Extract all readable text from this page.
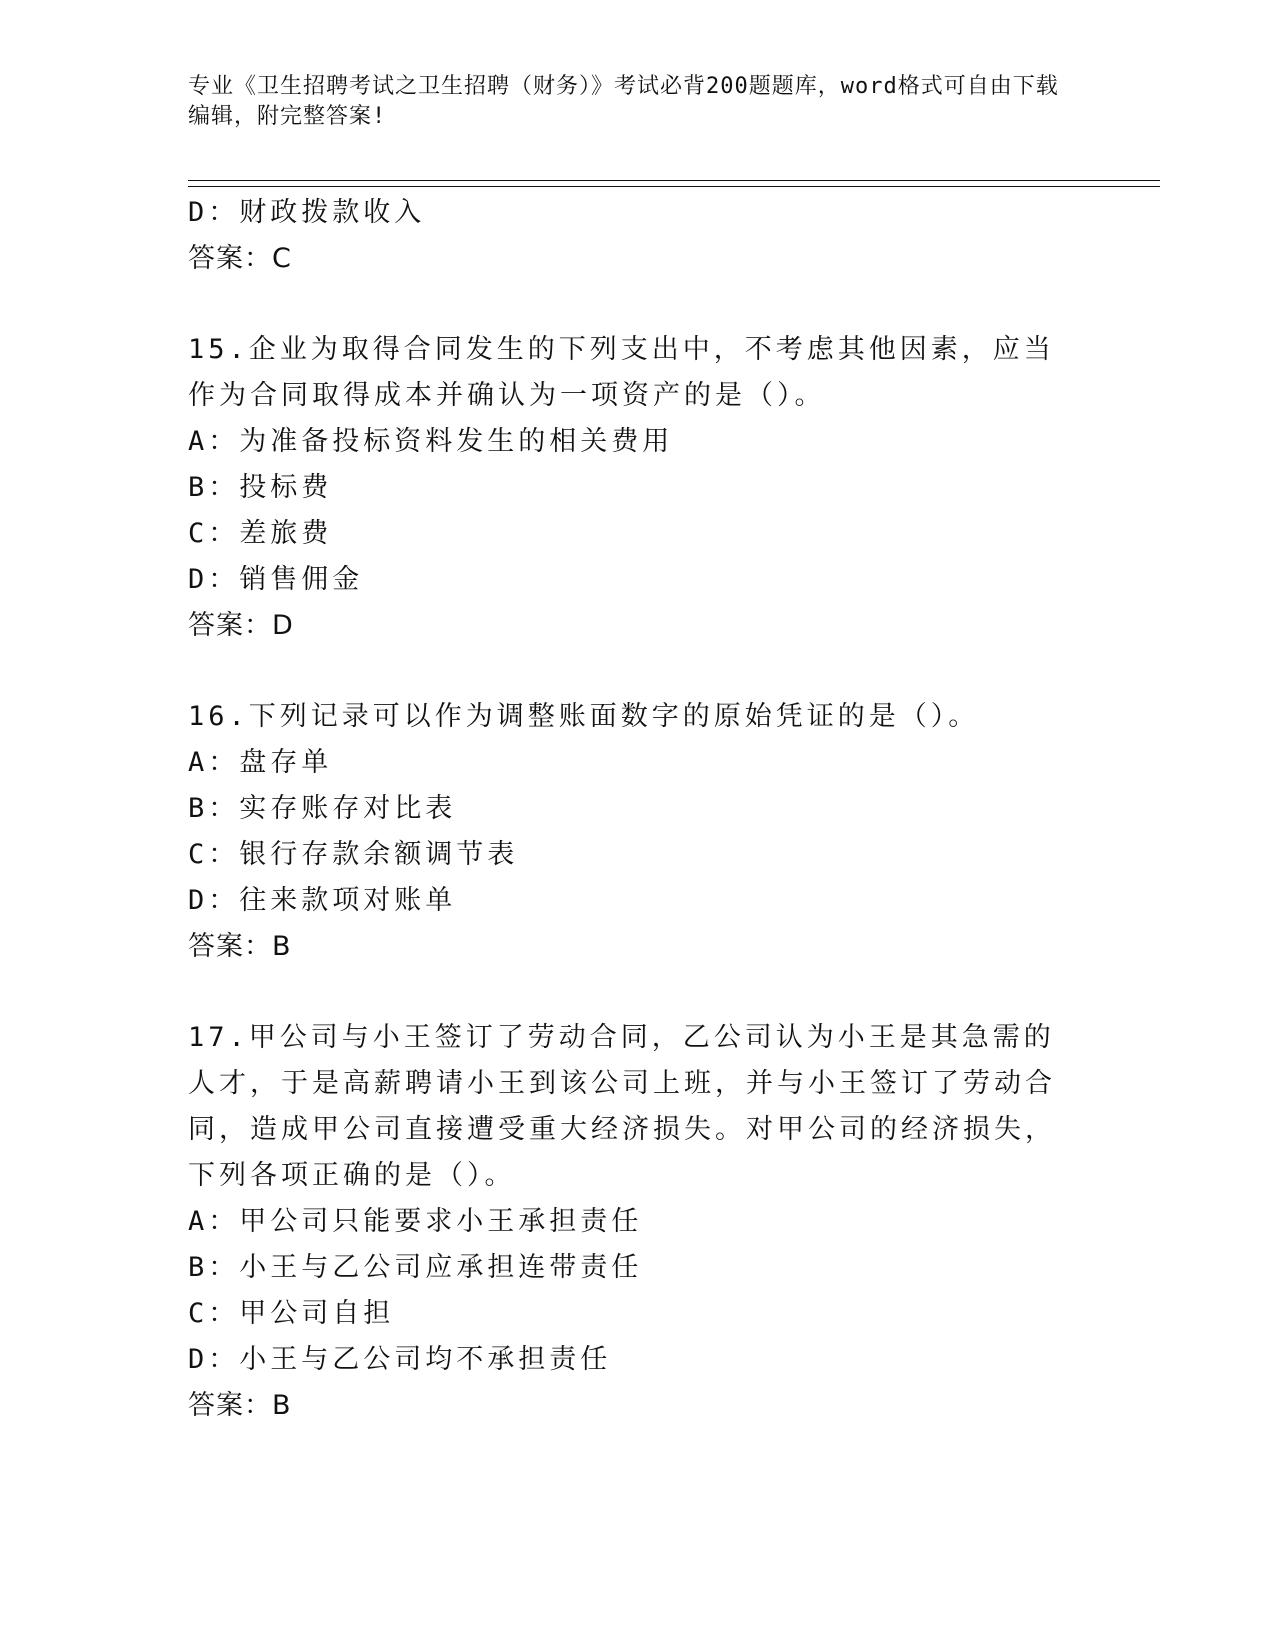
专业《卫生招聘考试之卫生招聘（财务）》考试必背200题题库，word格式可自由下载编辑，附完整答案!
D：财政拨款收入
答案：C
15.企业为取得合同发生的下列支出中，不考虑其他因素，应当作为合同取得成本并确认为一项资产的是（）。
A：为准备投标资料发生的相关费用
B：投标费
C：差旅费
D：销售佣金
答案：D
16.下列记录可以作为调整账面数字的原始凭证的是（）。
A：盘存单
B：实存账存对比表
C：银行存款余额调节表
D：往来款项对账单
答案：B
17.甲公司与小王签订了劳动合同，乙公司认为小王是其急需的人才，于是高薪聘请小王到该公司上班，并与小王签订了劳动合同，造成甲公司直接遭受重大经济损失。对甲公司的经济损失，下列各项正确的是（）。
A：甲公司只能要求小王承担责任
B：小王与乙公司应承担连带责任
C：甲公司自担
D：小王与乙公司均不承担责任
答案：B
